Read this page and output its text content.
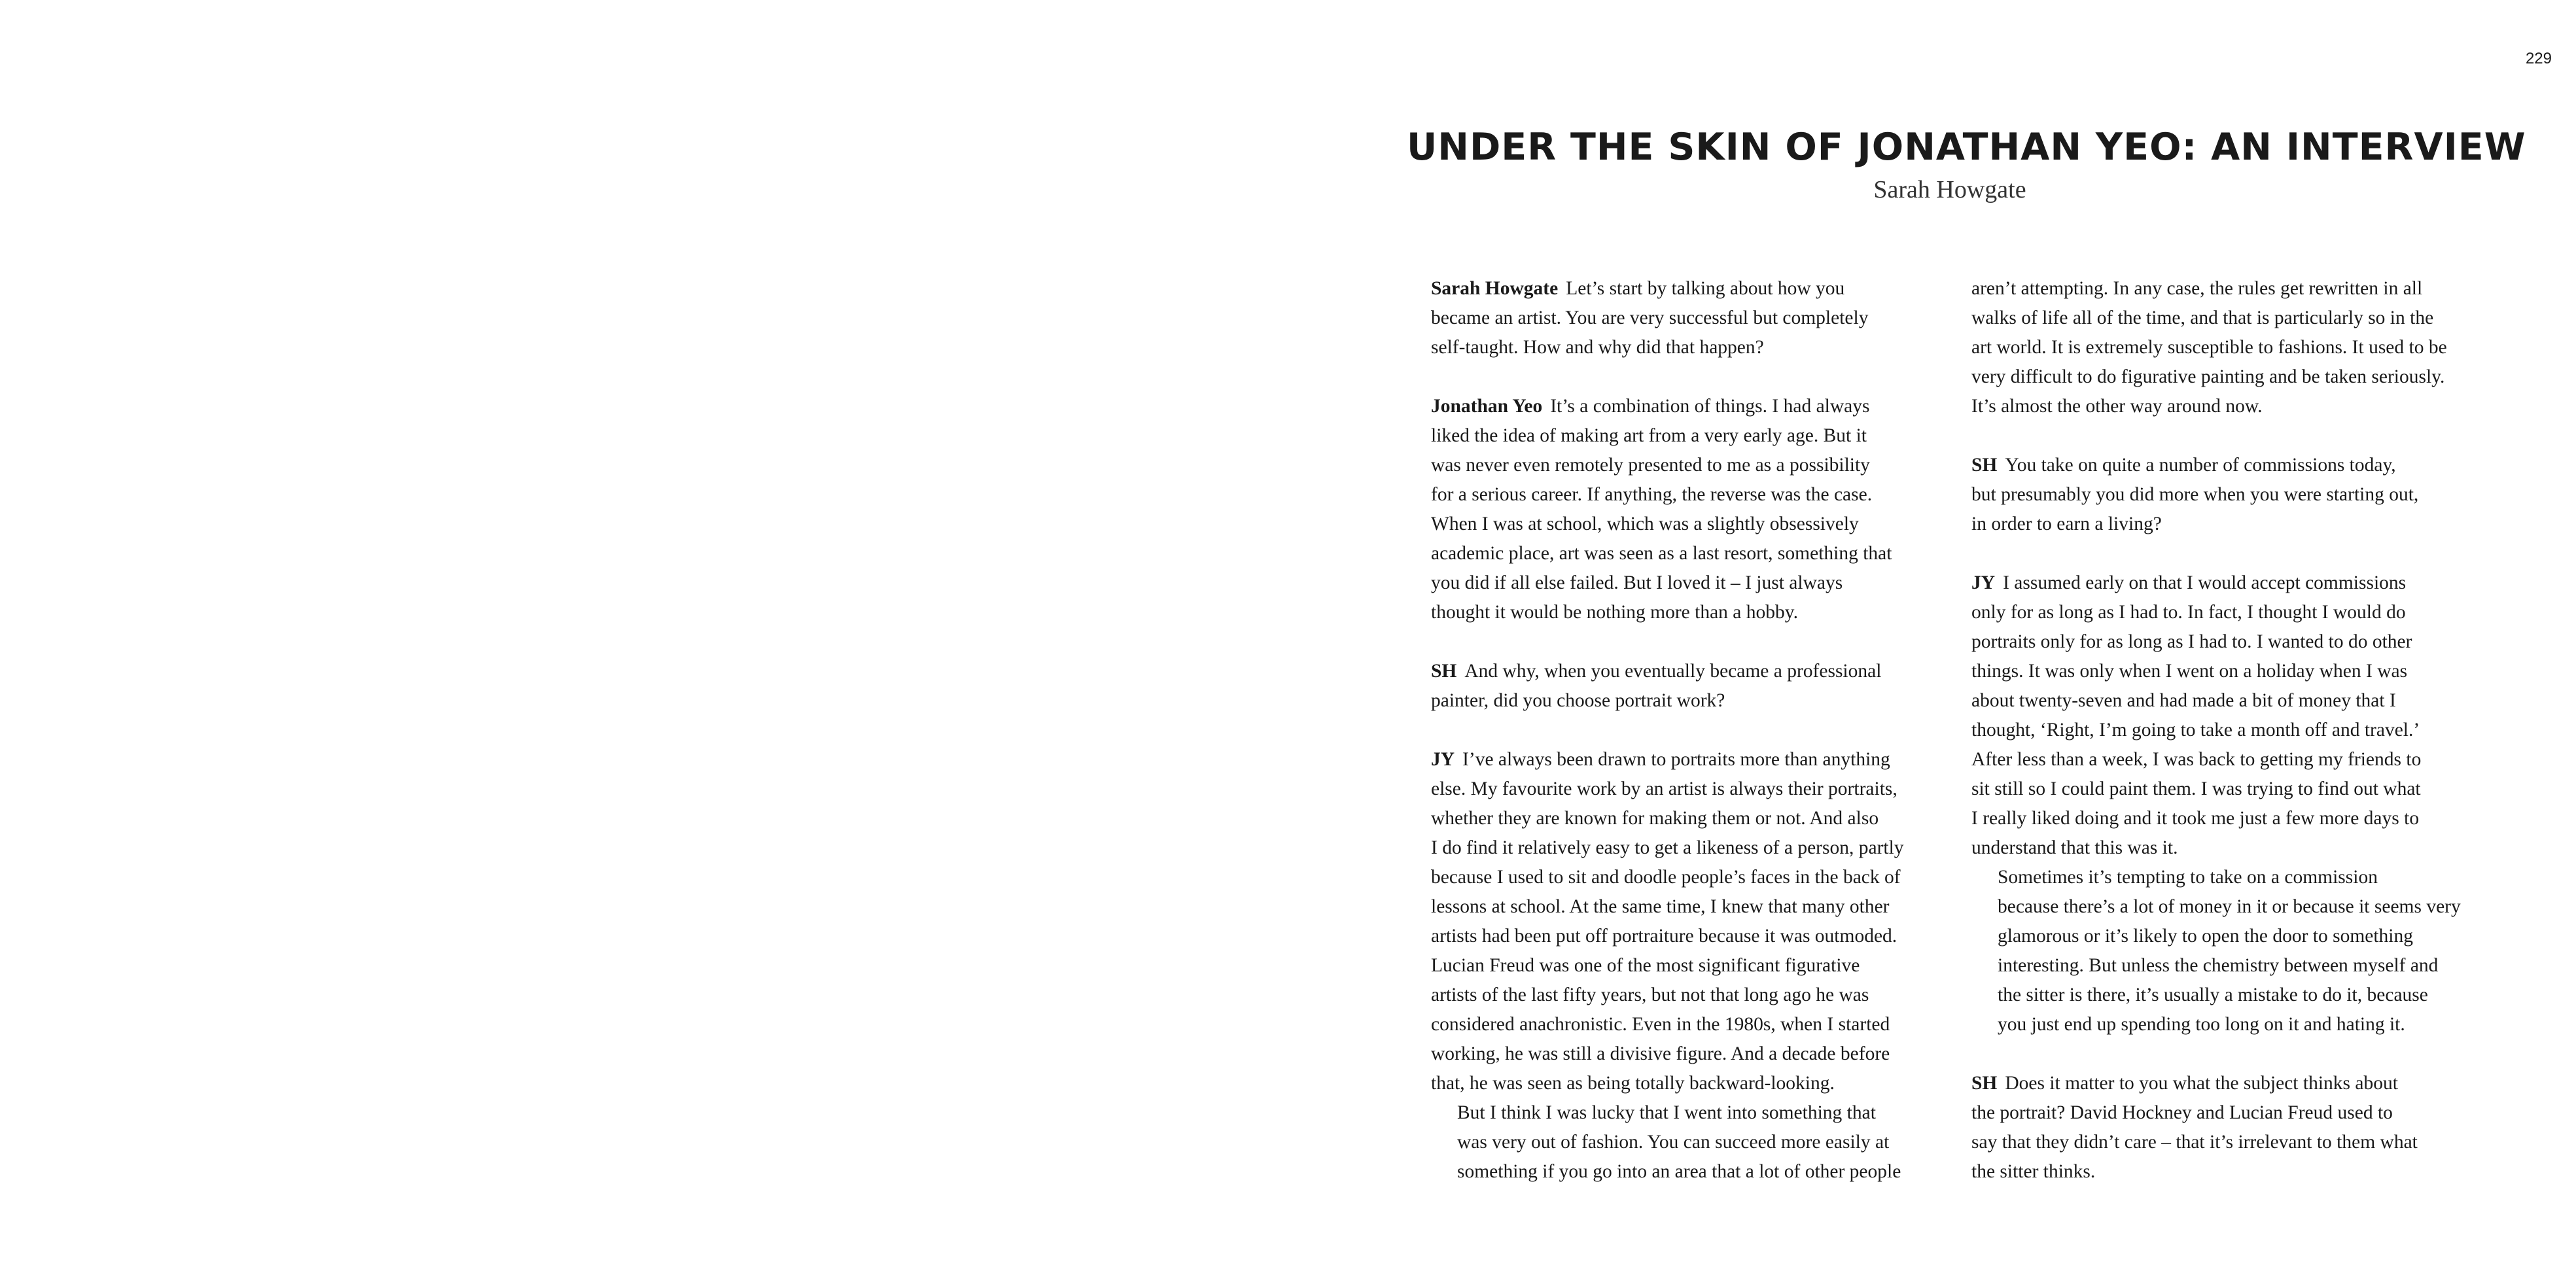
229
UNDER THE SKIN OF JONATHAN YEO: AN INTERVIEW
Sarah Howgate

Sarah Howgate Let’s start by talking about how you
became an artist. You are very successful but completely
self-taught. How and why did that happen?

Jonathan Yeo It’s a combination of things. I had always
liked the idea of making art from a very early age. But it
was never even remotely presented to me as a possibility
for a serious career. If anything, the reverse was the case.
When I was at school, which was a slightly obsessively
academic place, art was seen as a last resort, something that
you did if all else failed. But I loved it – I just always
thought it would be nothing more than a hobby.

SH And why, when you eventually became a professional
painter, did you choose portrait work?

JY I’ve always been drawn to portraits more than anything
else. My favourite work by an artist is always their portraits,
whether they are known for making them or not. And also
I do find it relatively easy to get a likeness of a person, partly
because I used to sit and doodle people’s faces in the back of
lessons at school. At the same time, I knew that many other
artists had been put off portraiture because it was outmoded.
Lucian Freud was one of the most significant figurative
artists of the last fifty years, but not that long ago he was
considered anachronistic. Even in the 1980s, when I started
working, he was still a divisive figure. And a decade before
that, he was seen as being totally backward-looking.

But I think I was lucky that I went into something that
was very out of fashion. You can succeed more easily at
something if you go into an area that a lot of other people

aren’t attempting. In any case, the rules get rewritten in all
walks of life all of the time, and that is particularly so in the
art world. It is extremely susceptible to fashions. It used to be
very difficult to do figurative painting and be taken seriously.
It’s almost the other way around now.

SH You take on quite a number of commissions today,
but presumably you did more when you were starting out,
in order to earn a living?

JY I assumed early on that I would accept commissions
only for as long as I had to. In fact, I thought I would do
portraits only for as long as I had to. I wanted to do other
things. It was only when I went on a holiday when I was
about twenty-seven and had made a bit of money that I
thought, ‘Right, I’m going to take a month off and travel.’
After less than a week, I was back to getting my friends to
sit still so I could paint them. I was trying to find out what
I really liked doing and it took me just a few more days to
understand that this was it.

Sometimes it’s tempting to take on a commission
because there’s a lot of money in it or because it seems very
glamorous or it’s likely to open the door to something
interesting. But unless the chemistry between myself and
the sitter is there, it’s usually a mistake to do it, because
you just end up spending too long on it and hating it.

SH Does it matter to you what the subject thinks about
the portrait? David Hockney and Lucian Freud used to
say that they didn’t care – that it’s irrelevant to them what
the sitter thinks.
